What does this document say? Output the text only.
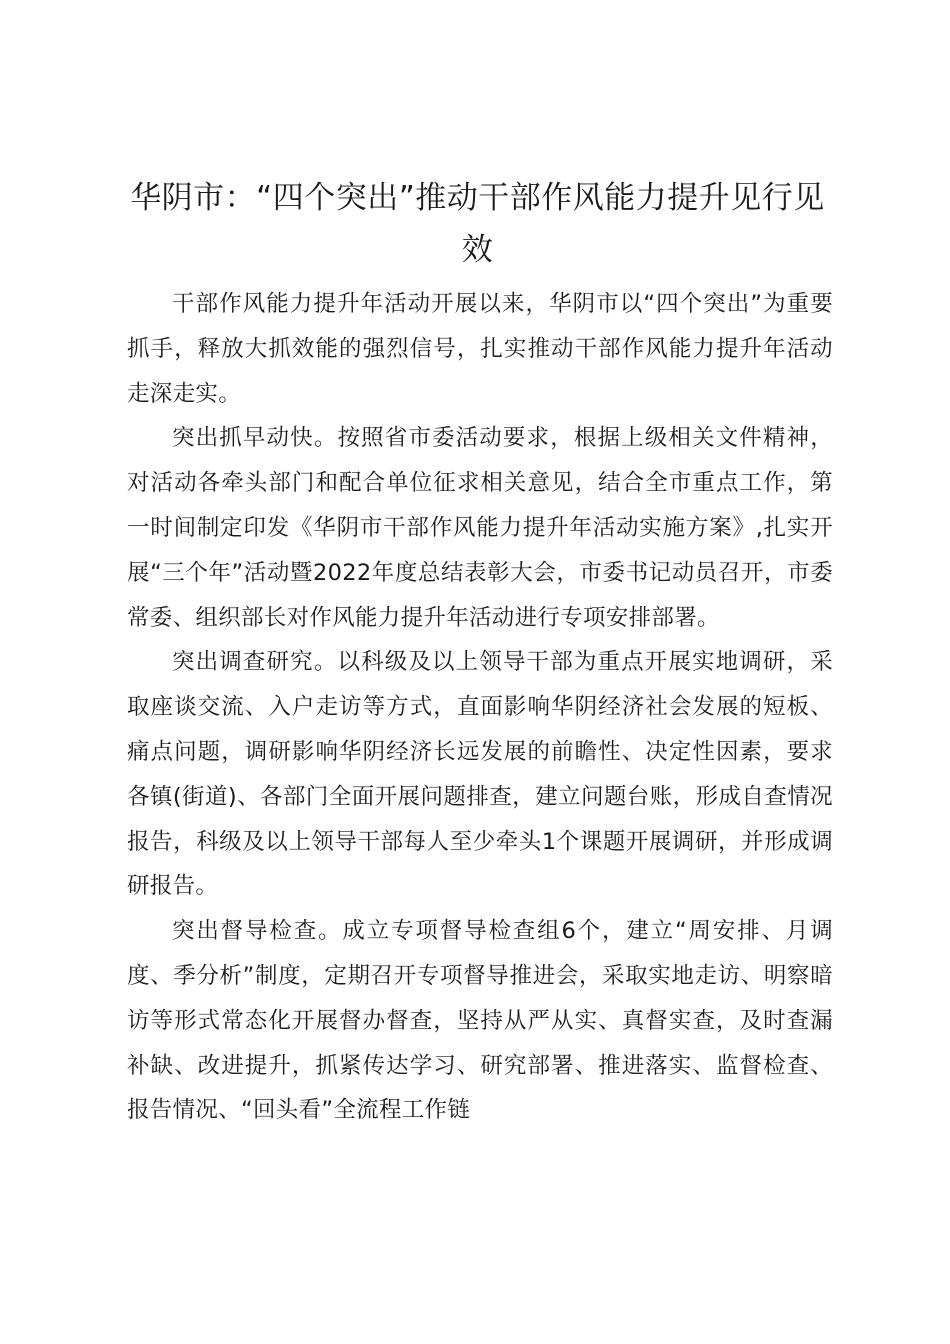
华阴市：“四个突出”推动干部作风能力提升见行见效

干部作风能力提升年活动开展以来，华阴市以“四个突出”为重要抓手，释放大抓效能的强烈信号，扎实推动干部作风能力提升年活动走深走实。

突出抓早动快。按照省市委活动要求，根据上级相关文件精神，对活动各牵头部门和配合单位征求相关意见，结合全市重点工作，第一时间制定印发《华阴市干部作风能力提升年活动实施方案》,扎实开展“三个年”活动暨2022年度总结表彰大会，市委书记动员召开，市委常委、组织部长对作风能力提升年活动进行专项安排部署。

突出调查研究。以科级及以上领导干部为重点开展实地调研，采取座谈交流、入户走访等方式，直面影响华阴经济社会发展的短板、痛点问题，调研影响华阴经济长远发展的前瞻性、决定性因素，要求各镇(街道)、各部门全面开展问题排查，建立问题台账，形成自查情况报告，科级及以上领导干部每人至少牵头1个课题开展调研，并形成调研报告。

突出督导检查。成立专项督导检查组6个，建立“周安排、月调度、季分析”制度，定期召开专项督导推进会，采取实地走访、明察暗访等形式常态化开展督办督查，坚持从严从实、真督实查，及时查漏补缺、改进提升，抓紧传达学习、研究部署、推进落实、监督检查、报告情况、“回头看”全流程工作链
